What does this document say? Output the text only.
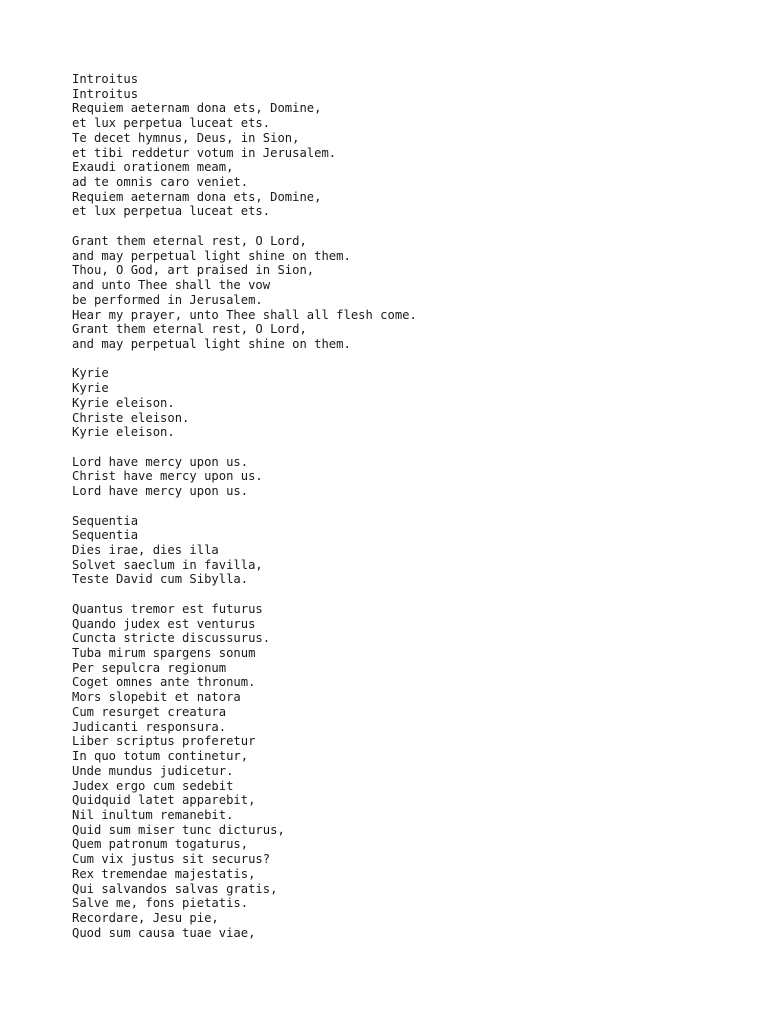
Introitus
Introitus
Requiem aeternam dona ets, Domine,
et lux perpetua luceat ets.
Te decet hymnus, Deus, in Sion,
et tibi reddetur votum in Jerusalem.
Exaudi orationem meam,
ad te omnis caro veniet.
Requiem aeternam dona ets, Domine,
et lux perpetua luceat ets.
Grant them eternal rest, O Lord,
and may perpetual light shine on them.
Thou, O God, art praised in Sion,
and unto Thee shall the vow
be performed in Jerusalem.
Hear my prayer, unto Thee shall all flesh come.
Grant them eternal rest, O Lord,
and may perpetual light shine on them.
Kyrie
Kyrie
Kyrie eleison.
Christe eleison.
Kyrie eleison.
Lord have mercy upon us.
Christ have mercy upon us.
Lord have mercy upon us.
Sequentia
Sequentia
Dies irae, dies illa
Solvet saeclum in favilla,
Teste David cum Sibylla.
Quantus tremor est futurus
Quando judex est venturus
Cuncta stricte discussurus.
Tuba mirum spargens sonum
Per sepulcra regionum
Coget omnes ante thronum.
Mors slopebit et natora
Cum resurget creatura
Judicanti responsura.
Liber scriptus proferetur
In quo totum continetur,
Unde mundus judicetur.
Judex ergo cum sedebit
Quidquid latet apparebit,
Nil inultum remanebit.
Quid sum miser tunc dicturus,
Quem patronum togaturus,
Cum vix justus sit securus?
Rex tremendae majestatis,
Qui salvandos salvas gratis,
Salve me, fons pietatis.
Recordare, Jesu pie,
Quod sum causa tuae viae,
